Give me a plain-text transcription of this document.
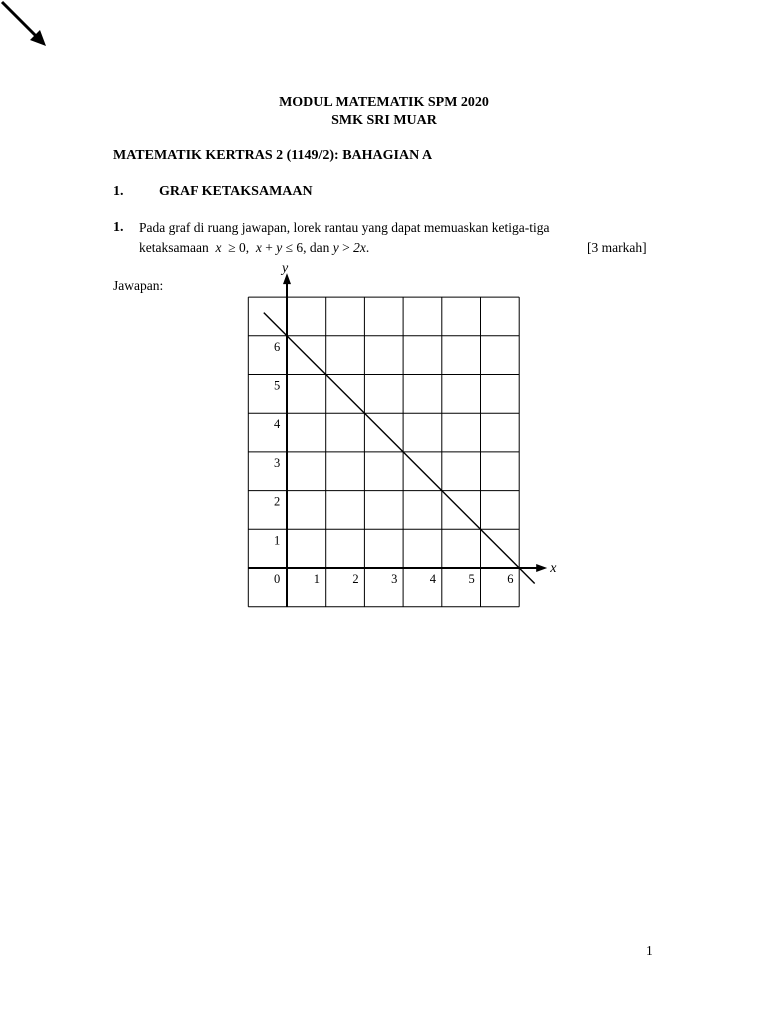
MODUL MATEMATIK SPM 2020
SMK SRI MUAR
MATEMATIK KERTRAS 2 (1149/2): BAHAGIAN A
1.	GRAF KETAKSAMAAN
1. Pada graf di ruang jawapan, lorek rantau yang dapat memuaskan ketiga-tiga
ketaksamaan x ≥ 0, x + y ≤ 6, dan y > 2x.	[3 markah]
Jawapan:
x
y
0	1	2	3	4	5	6
1
2
3
4
5
6
1
